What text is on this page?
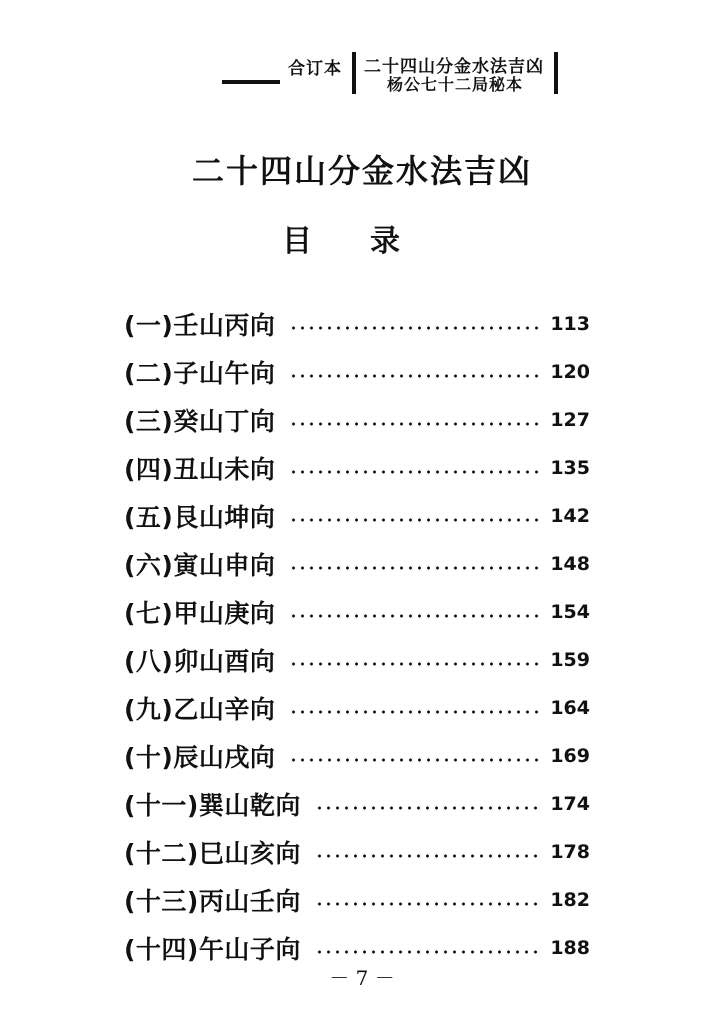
合订本 二十四山分金水法吉凶
杨公七十二局秘本
二十四山分金水法吉凶
目 录
(一)壬山丙向	113
(二)子山午向	120
(三)癸山丁向	127
(四)丑山未向	135
(五)艮山坤向	142
(六)寅山申向	148
(七)甲山庚向	154
(八)卯山酉向	159
(九)乙山辛向	164
(十)辰山戌向	169
(十一)巽山乾向	174
(十二)巳山亥向	178
(十三)丙山壬向	182
(十四)午山子向	188
－ 7 －
